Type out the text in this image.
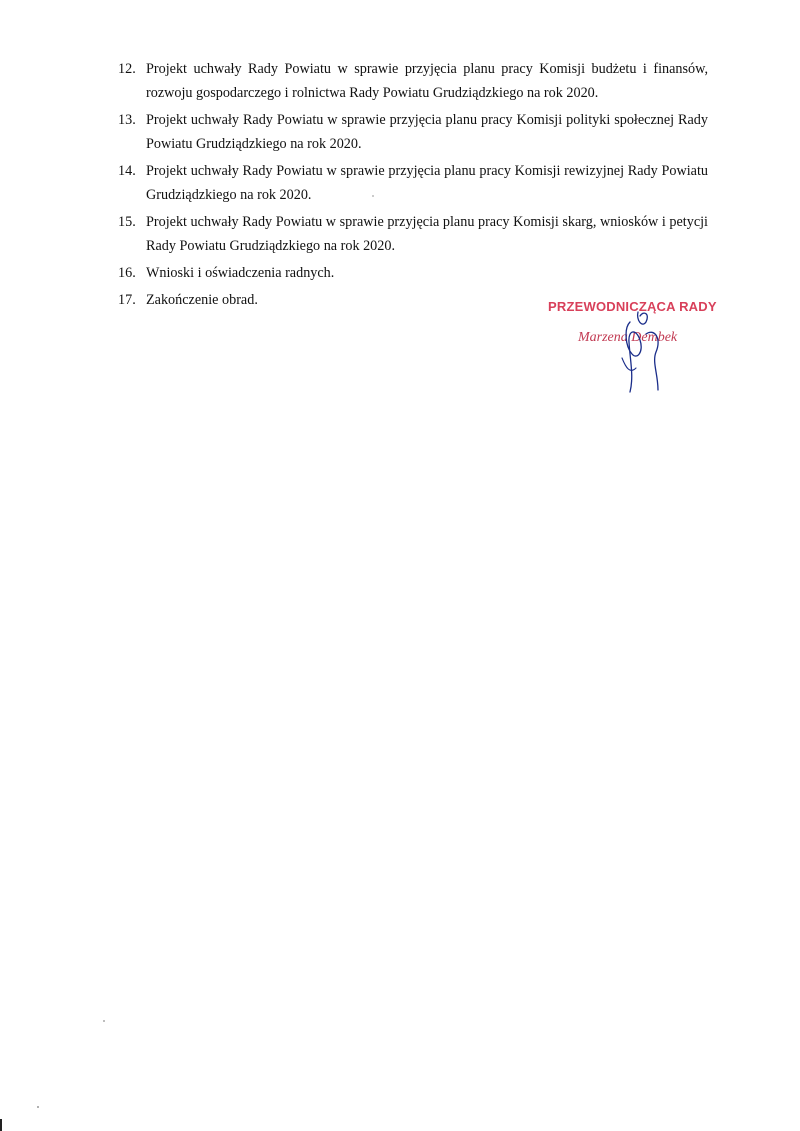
12. Projekt uchwały Rady Powiatu w sprawie przyjęcia planu pracy Komisji budżetu i finansów, rozwoju gospodarczego i rolnictwa Rady Powiatu Grudziądzkiego na rok 2020.
13. Projekt uchwały Rady Powiatu w sprawie przyjęcia planu pracy Komisji polityki społecznej Rady Powiatu Grudziądzkiego na rok 2020.
14. Projekt uchwały Rady Powiatu w sprawie przyjęcia planu pracy Komisji rewizyjnej Rady Powiatu Grudziądzkiego na rok 2020.
15. Projekt uchwały Rady Powiatu w sprawie przyjęcia planu pracy Komisji skarg, wniosków i petycji Rady Powiatu Grudziądzkiego na rok 2020.
16. Wnioski i oświadczenia radnych.
17. Zakończenie obrad.	PRZEWODNICZĄCA RADY
Marzena Dembek
